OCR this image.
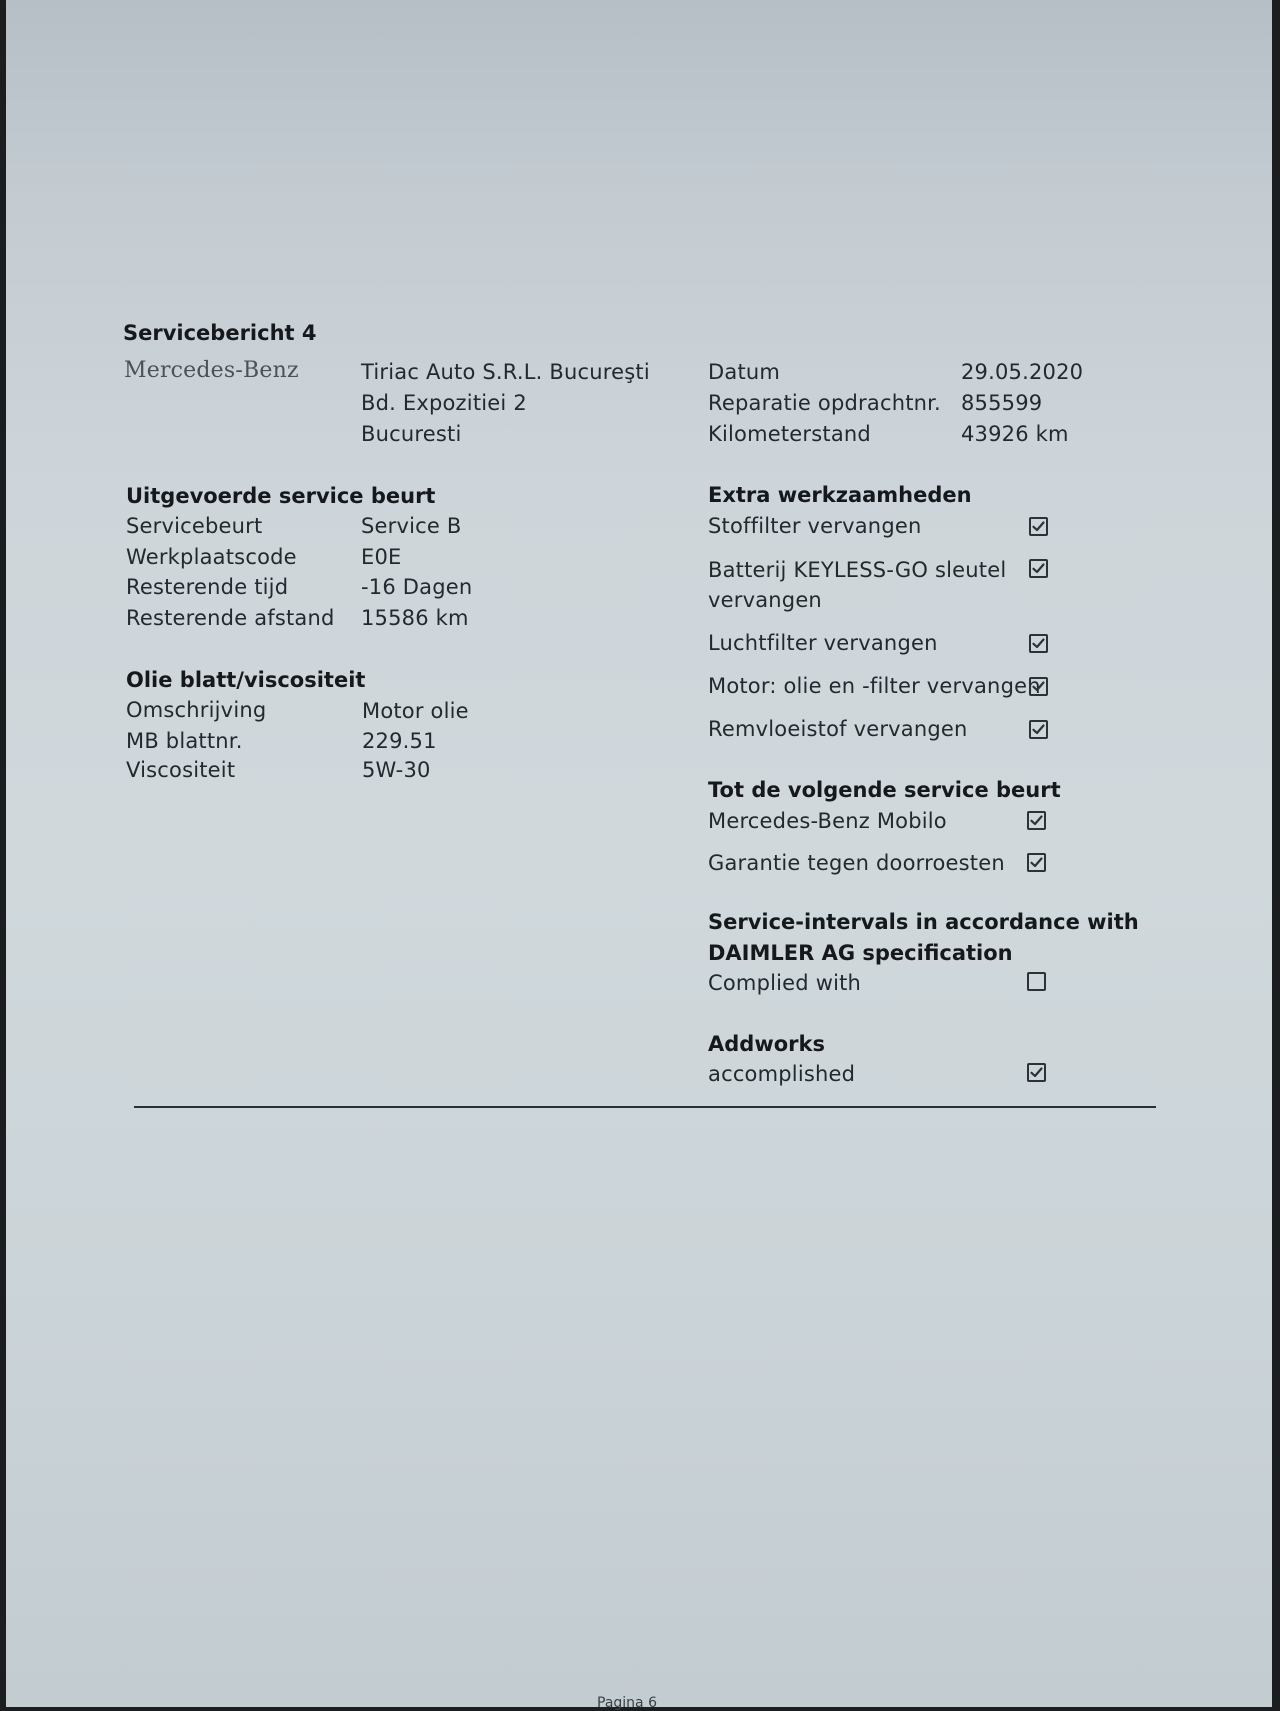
Servicebericht 4
Mercedes-Benz	Tiriac Auto S.R.L. Bucureşti
Bd. Expozitiei 2
Bucuresti
Datum	29.05.2020
Reparatie opdrachtnr. 855599
Kilometerstand	43926 km
Uitgevoerde service beurt
Servicebeurt	Service B
Werkplaatscode	E0E
Resterende tijd	-16 Dagen
Resterende afstand 15586 km
Olie blatt/viscositeit
Omschrijving	Motor olie
MB blattnr.	229.51
Viscositeit	5W-30
Extra werkzaamheden
Stoffilter vervangen
Batterij KEYLESS-GO sleutel vervangen
Luchtfilter vervangen
Motor: olie en -filter vervangen
Remvloeistof vervangen
Tot de volgende service beurt
Mercedes-Benz Mobilo
Garantie tegen doorroesten
Service-intervals in accordance with
DAIMLER AG specification
Complied with
Addworks
accomplished
Pagina 6
